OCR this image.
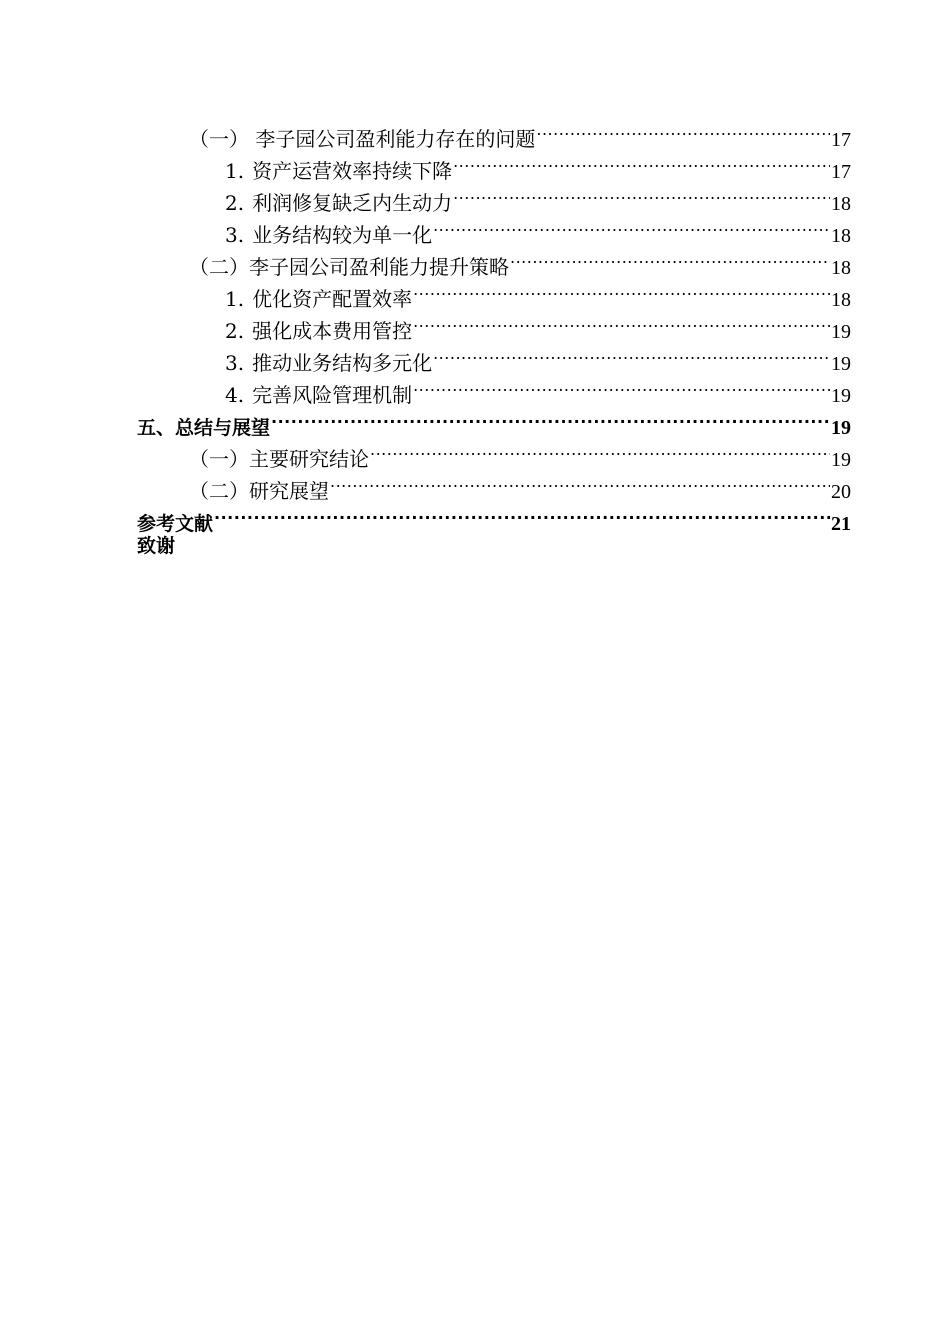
（一） 李子园公司盈利能力存在的问题 .....	17
1. 资产运营效率持续下降 .....	17
2. 利润修复缺乏内生动力 .....	18
3. 业务结构较为单一化 .....	18
（二）李子园公司盈利能力提升策略 .....	18
1. 优化资产配置效率 .....	18
2. 强化成本费用管控 .....	19
3. 推动业务结构多元化 .....	19
4. 完善风险管理机制 .....	19
五、总结与展望 .....	19
（一）主要研究结论 .....	19
（二）研究展望 .....	20
参考文献 .....	21
致谢
